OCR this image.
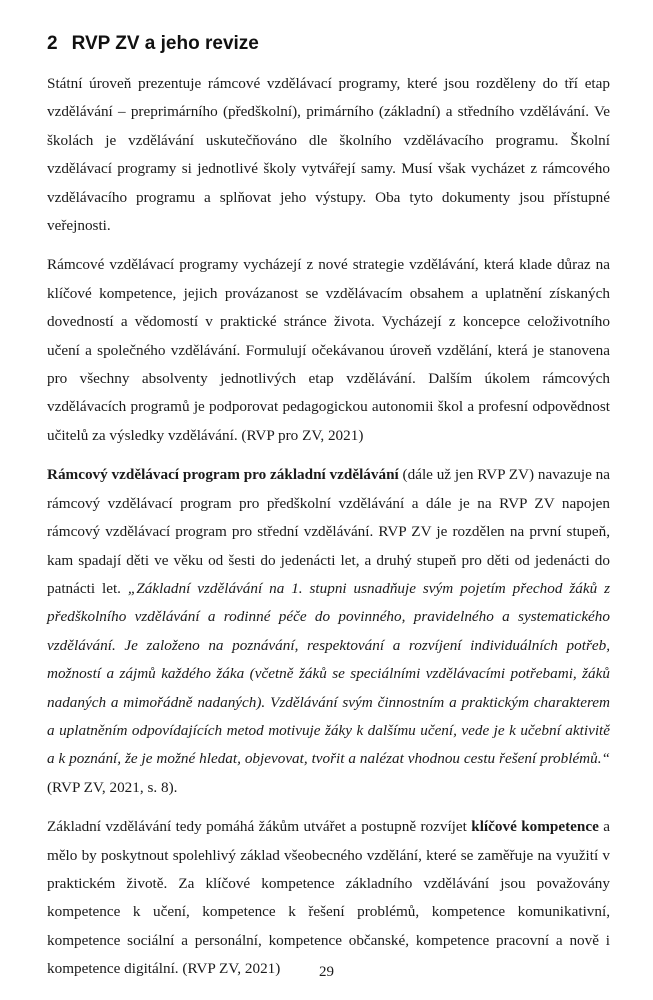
2 RVP ZV a jeho revize

Státní úroveň prezentuje rámcové vzdělávací programy, které jsou rozděleny do tří etap vzdělávání – preprimárního (předškolní), primárního (základní) a středního vzdělávání. Ve školách je vzdělávání uskutečňováno dle školního vzdělávacího programu. Školní vzdělávací programy si jednotlivé školy vytvářejí samy. Musí však vycházet z rámcového vzdělávacího programu a splňovat jeho výstupy. Oba tyto dokumenty jsou přístupné veřejnosti.

Rámcové vzdělávací programy vycházejí z nové strategie vzdělávání, která klade důraz na klíčové kompetence, jejich provázanost se vzdělávacím obsahem a uplatnění získaných dovedností a vědomostí v praktické stránce života. Vycházejí z koncepce celoživotního učení a společného vzdělávání. Formulují očekávanou úroveň vzdělání, která je stanovena pro všechny absolventy jednotlivých etap vzdělávání. Dalším úkolem rámcových vzdělávacích programů je podporovat pedagogickou autonomii škol a profesní odpovědnost učitelů za výsledky vzdělávání. (RVP pro ZV, 2021)

Rámcový vzdělávací program pro základní vzdělávání (dále už jen RVP ZV) navazuje na rámcový vzdělávací program pro předškolní vzdělávání a dále je na RVP ZV napojen rámcový vzdělávací program pro střední vzdělávání. RVP ZV je rozdělen na první stupeň, kam spadají děti ve věku od šesti do jedenácti let, a druhý stupeň pro děti od jedenácti do patnácti let. „Základní vzdělávání na 1. stupni usnadňuje svým pojetím přechod žáků z předškolního vzdělávání a rodinné péče do povinného, pravidelného a systematického vzdělávání. Je založeno na poznávání, respektování a rozvíjení individuálních potřeb, možností a zájmů každého žáka (včetně žáků se speciálními vzdělávacími potřebami, žáků nadaných a mimořádně nadaných). Vzdělávání svým činnostním a praktickým charakterem a uplatněním odpovídajících metod motivuje žáky k dalšímu učení, vede je k učební aktivitě a k poznání, že je možné hledat, objevovat, tvořit a nalézat vhodnou cestu řešení problémů.“ (RVP ZV, 2021, s. 8).

Základní vzdělávání tedy pomáhá žákům utvářet a postupně rozvíjet klíčové kompetence a mělo by poskytnout spolehlivý základ všeobecného vzdělání, které se zaměřuje na využití v praktickém životě. Za klíčové kompetence základního vzdělávání jsou považovány kompetence k učení, kompetence k řešení problémů, kompetence komunikativní, kompetence sociální a personální, kompetence občanské, kompetence pracovní a nově i kompetence digitální. (RVP ZV, 2021)	29
